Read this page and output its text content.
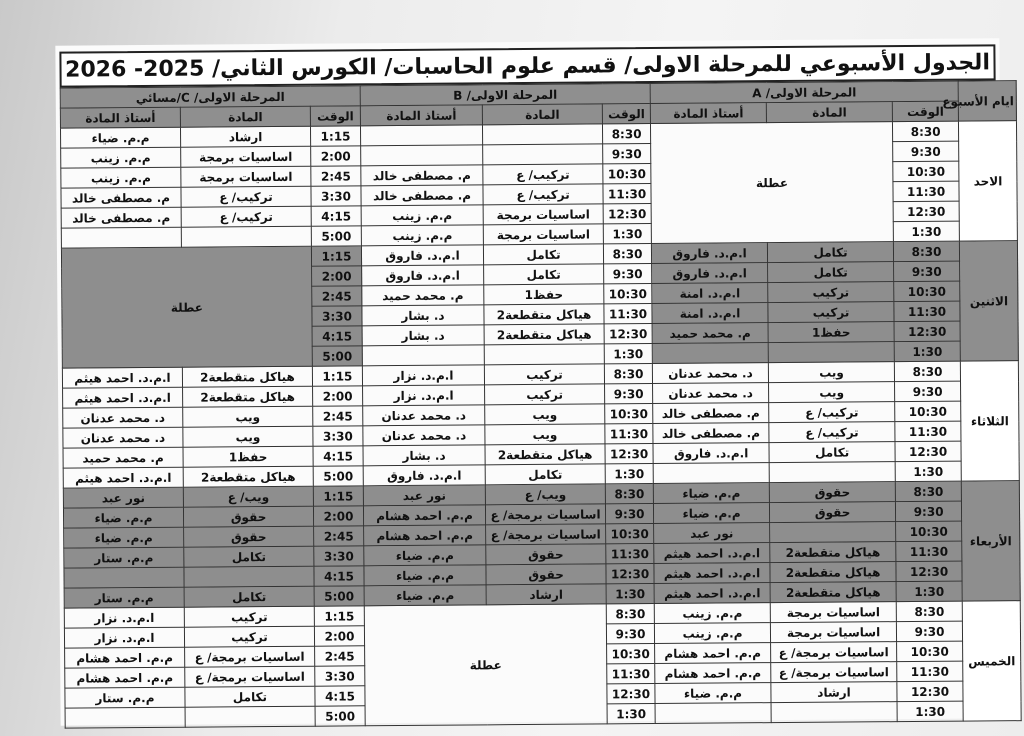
الجدول الأسبوعي للمرحلة الاولى/ قسم علوم الحاسبات/ الكورس الثاني/ 2025- 2026
ايام الأسبوع	المرحلة الاولى/ A			المرحلة الاولى/ B			المرحلة الاولى/ C/مسائي		
	الوقت	المادة	أستاذ المادة	الوقت	المادة	أستاذ المادة	الوقت	المادة	أستاذ المادة
الاحد	8:30	عطلة		8:30			1:15	ارشاد	م.م. ضياء
	9:30			9:30			2:00	اساسيات برمجة	م.م. زينب
	10:30			10:30	تركيب/ ع	م. مصطفى خالد	2:45	اساسيات برمجة	م.م. زينب
	11:30			11:30	تركيب/ ع	م. مصطفى خالد	3:30	تركيب/ ع	م. مصطفى خالد
	12:30			12:30	اساسيات برمجة	م.م. زينب	4:15	تركيب/ ع	م. مصطفى خالد
	1:30			1:30	اساسيات برمجة	م.م. زينب	5:00		
الاثنين	8:30	تكامل	ا.م.د. فاروق	8:30	تكامل	ا.م.د. فاروق	1:15	عطلة	
	9:30	تكامل	ا.م.د. فاروق	9:30	تكامل	ا.م.د. فاروق	2:00		
	10:30	تركيب	ا.م.د. امنة	10:30	حفظ1	م. محمد حميد	2:45		
	11:30	تركيب	ا.م.د. امنة	11:30	هياكل متقطعة2	د. بشار	3:30		
	12:30	حفظ1	م. محمد حميد	12:30	هياكل متقطعة2	د. بشار	4:15		
	1:30			1:30			5:00		
الثلاثاء	8:30	ويب	د. محمد عدنان	8:30	تركيب	ا.م.د. نزار	1:15	هياكل متقطعة2	ا.م.د. احمد هيثم
	9:30	ويب	د. محمد عدنان	9:30	تركيب	ا.م.د. نزار	2:00	هياكل متقطعة2	ا.م.د. احمد هيثم
	10:30	تركيب/ ع	م. مصطفى خالد	10:30	ويب	د. محمد عدنان	2:45	ويب	د. محمد عدنان
	11:30	تركيب/ ع	م. مصطفى خالد	11:30	ويب	د. محمد عدنان	3:30	ويب	د. محمد عدنان
	12:30	تكامل	ا.م.د. فاروق	12:30	هياكل متقطعة2	د. بشار	4:15	حفظ1	م. محمد حميد
	1:30			1:30	تكامل	ا.م.د. فاروق	5:00	هياكل متقطعة2	ا.م.د. احمد هيثم
الأربعاء	8:30	حقوق	م.م. ضياء	8:30	ويب/ ع	نور عبد	1:15	ويب/ ع	نور عبد
	9:30	حقوق	م.م. ضياء	9:30	اساسيات برمجة/ ع	م.م. احمد هشام	2:00	حقوق	م.م. ضياء
	10:30		نور عبد	10:30	اساسيات برمجة/ ع	م.م. احمد هشام	2:45	حقوق	م.م. ضياء
	11:30	هياكل متقطعة2	ا.م.د. احمد هيثم	11:30	حقوق	م.م. ضياء	3:30	تكامل	م.م. ستار
	12:30	هياكل متقطعة2	ا.م.د. احمد هيثم	12:30	حقوق	م.م. ضياء	4:15		
	1:30	هياكل متقطعة2	ا.م.د. احمد هيثم	1:30	ارشاد	م.م. ضياء	5:00	تكامل	م.م. ستار
الخميس	8:30	اساسيات برمجة	م.م. زينب	8:30	عطلة		1:15	تركيب	ا.م.د. نزار
	9:30	اساسيات برمجة	م.م. زينب	9:30			2:00	تركيب	ا.م.د. نزار
	10:30	اساسيات برمجة/ ع	م.م. احمد هشام	10:30			2:45	اساسيات برمجة/ ع	م.م. احمد هشام
	11:30	اساسيات برمجة/ ع	م.م. احمد هشام	11:30			3:30	اساسيات برمجة/ ع	م.م. احمد هشام
	12:30	ارشاد	م.م. ضياء	12:30			4:15	تكامل	م.م. ستار
	1:30			1:30			5:00		
